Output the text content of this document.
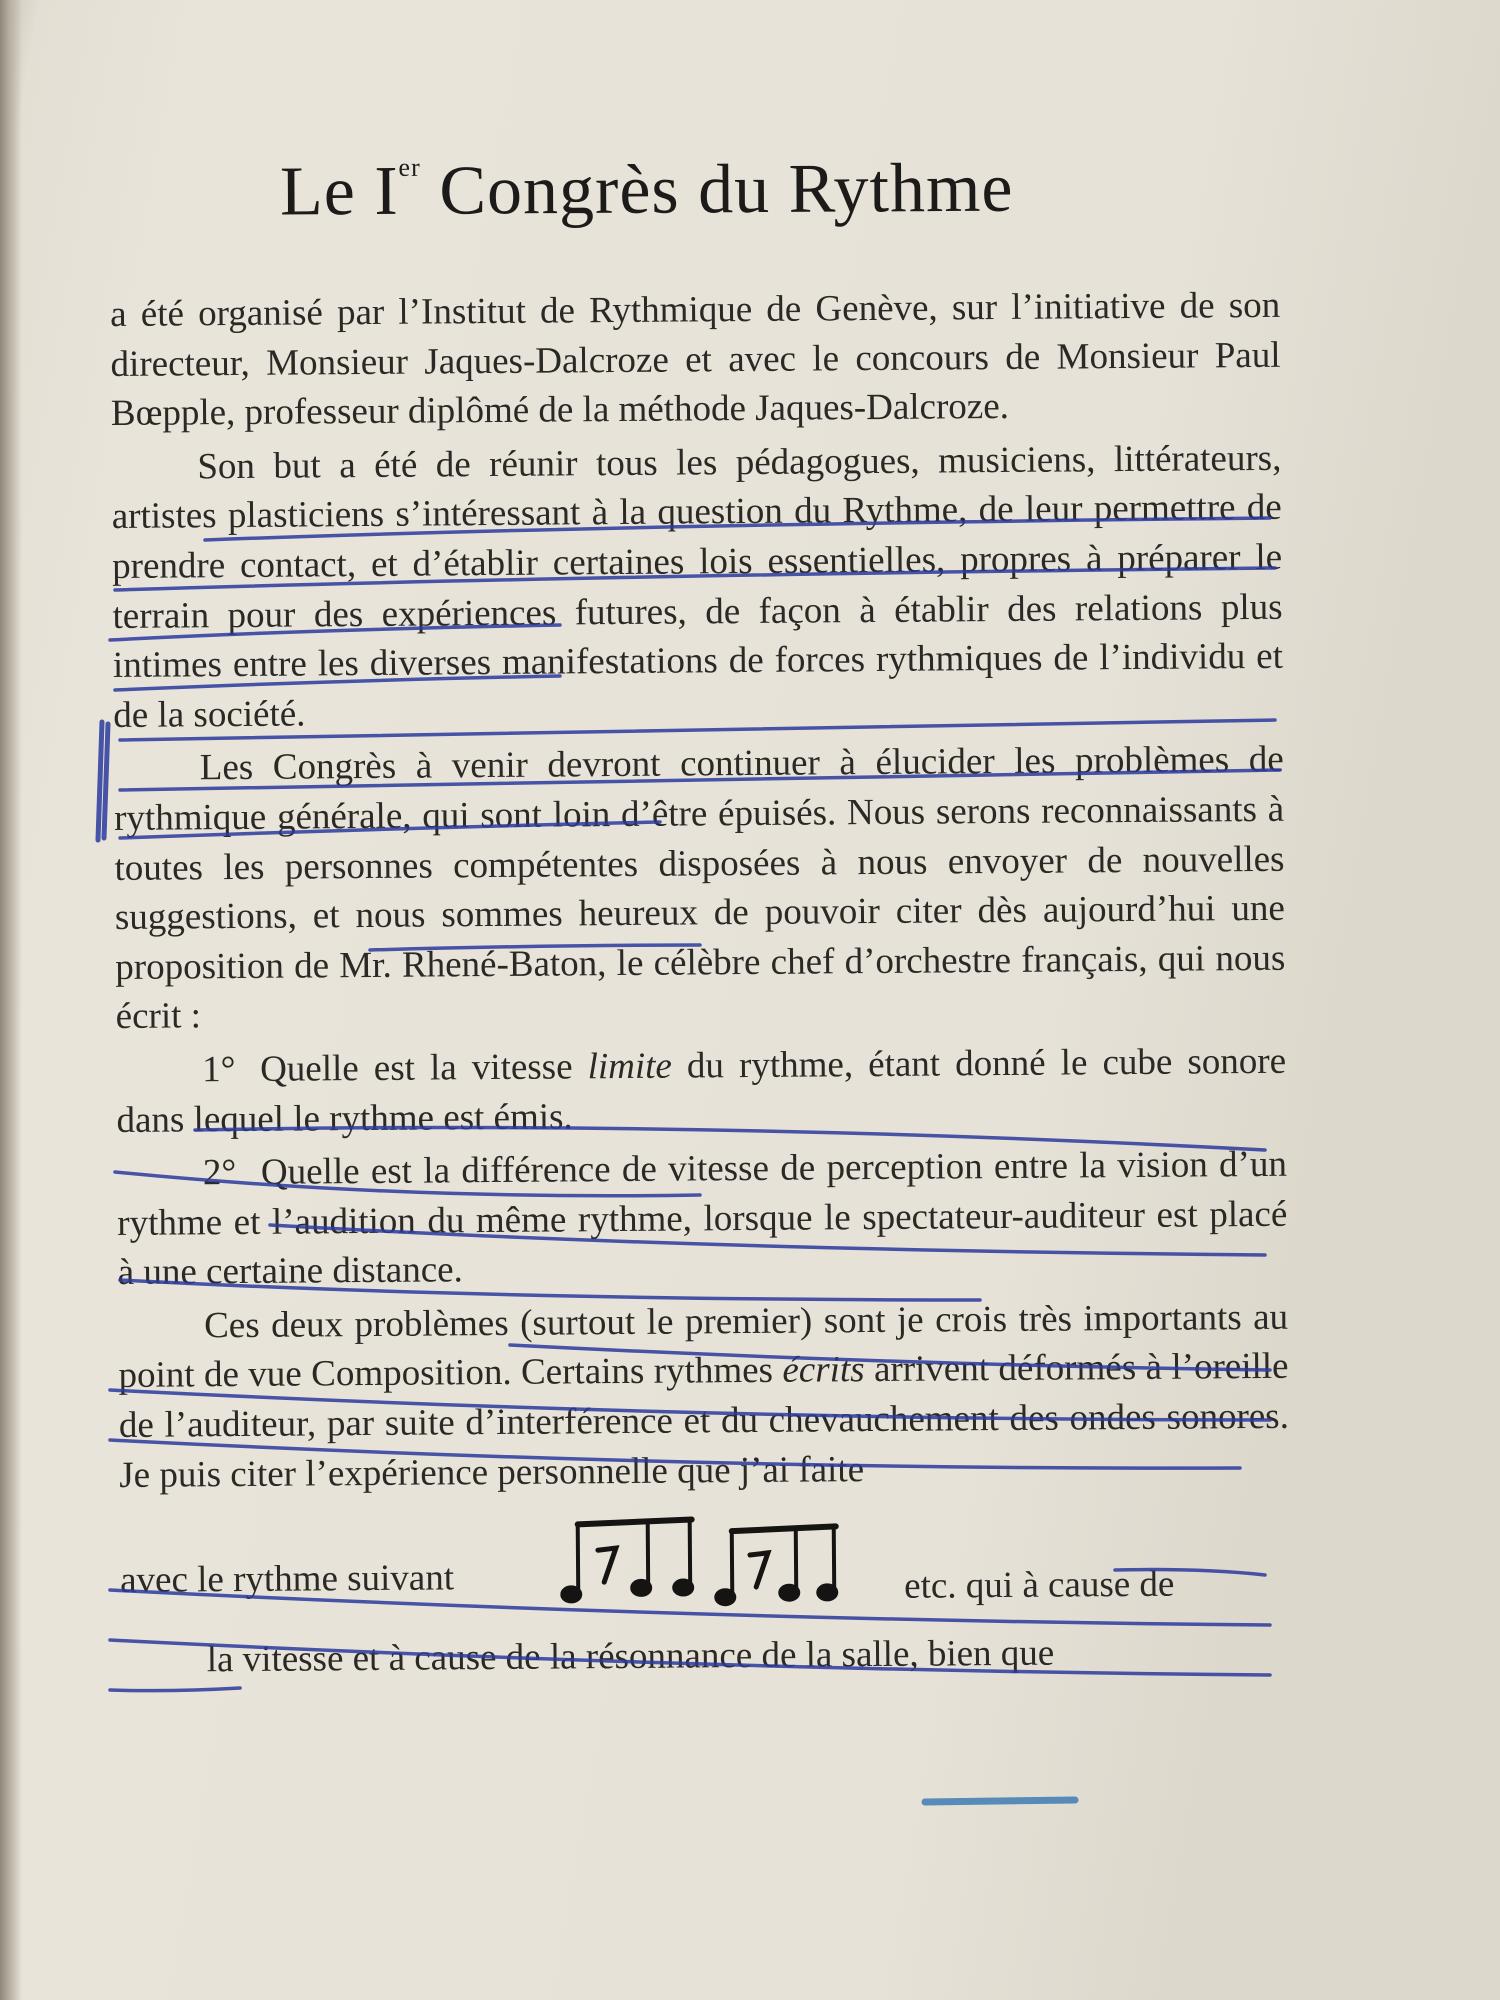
Le Ier Congrès du Rythme

a été organisé par l’Institut de Rythmique de Genève, sur l’initiative de son directeur, Monsieur Jaques-Dalcroze et avec le concours de Monsieur Paul Bœpple, professeur diplômé de la méthode Jaques-Dalcroze.

Son but a été de réunir tous les pédagogues, musiciens, littérateurs, artistes plasticiens s’intéressant à la question du Rythme, de leur permettre de prendre contact, et d’établir certaines lois essentielles, propres à préparer le terrain pour des expériences futures, de façon à établir des relations plus intimes entre les diverses manifestations de forces rythmiques de l’individu et de la société.

Les Congrès à venir devront continuer à élucider les problèmes de rythmique générale, qui sont loin d’être épuisés. Nous serons reconnaissants à toutes les personnes compétentes disposées à nous envoyer de nouvelles suggestions, et nous sommes heureux de pouvoir citer dès aujourd’hui une proposition de Mr. Rhené-Baton, le célèbre chef d’orchestre français, qui nous écrit :

1° Quelle est la vitesse limite du rythme, étant donné le cube sonore dans lequel le rythme est émis.

2° Quelle est la différence de vitesse de perception entre la vision d’un rythme et l’audition du même rythme, lorsque le spectateur-auditeur est placé à une certaine distance.

Ces deux problèmes (surtout le premier) sont je crois très importants au point de vue Composition. Certains rythmes écrits arrivent déformés à l’oreille de l’auditeur, par suite d’interférence et du chevauchement des ondes sonores. Je puis citer l’expérience personnelle que j’ai faite

avec le rythme suivant	etc. qui à cause de

la vitesse et à cause de la résonnance de la salle, bien que
